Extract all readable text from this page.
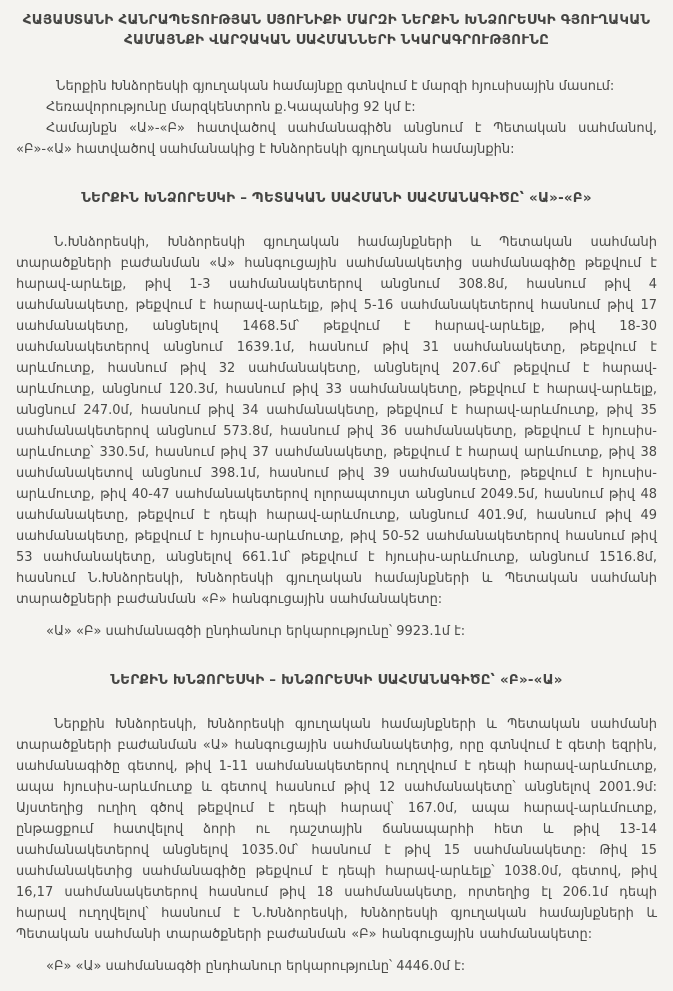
ՀԱՅԱՍՏԱՆԻ ՀԱՆՐԱՊԵՏՈՒԹՅԱՆ ՍՅՈՒՆԻՔԻ ՄԱՐԶԻ ՆԵՐՔԻՆ ԽՆՁՈՐԵՍԿԻ ԳՅՈՒՂԱԿԱՆ
ՀԱՄԱՅՆՔԻ ՎԱՐՉԱԿԱՆ ՍԱՀՄԱՆՆԵՐԻ ՆԿԱՐԱԳՐՈՒԹՅՈՒՆԸ

Ներքին Խնձորեսկի գյուղական համայնքը գտնվում է մարզի հյուսիսային մասում:

Հեռավորությունը մարզկենտրոն ք.Կապանից 92 կմ է:

Համայնքն «Ա»-«Բ» հատվածով սահմանագիծն անցնում է Պետական սահմանով, «Բ»-«Ա» հատվածով սահմանակից է Խնձորեսկի գյուղական համայնքին:

ՆԵՐՔԻՆ ԽՆՁՈՐԵՍԿԻ – ՊԵՏԱԿԱՆ ՍԱՀՄԱՆԻ ՍԱՀՄԱՆԱԳԻԾԸ՝ «Ա»-«Բ»

Ն.Խնձորեսկի, Խնձորեսկի գյուղական համայնքների և Պետական սահմանի տարածքների բաժանման «Ա» հանգուցային սահմանակետից սահմանագիծը թեքվում է հարավ-արևելք, թիվ 1-3 սահմանակետերով անցնում 308.8մ, հասնում թիվ 4 սահմանակետը, թեքվում է հարավ-արևելք, թիվ 5-16 սահմանակետերով հասնում թիվ 17 սահմանակետը, անցնելով 1468.5մ՝ թեքվում է հարավ-արևելք, թիվ 18-30 սահմանակետերով անցնում 1639.1մ, հասնում թիվ 31 սահմանակետը, թեքվում է արևմուտք, հասնում թիվ 32 սահմանակետը, անցնելով 207.6մ՝ թեքվում է հարավ-արևմուտք, անցնում 120.3մ, հասնում թիվ 33 սահմանակետը, թեքվում է հարավ-արևելք, անցնում 247.0մ, հասնում թիվ 34 սահմանակետը, թեքվում է հարավ-արևմուտք, թիվ 35 սահմանակետերով անցնում 573.8մ, հասնում թիվ 36 սահմանակետը, թեքվում է հյուսիս-արևմուտք՝ 330.5մ, հասնում թիվ 37 սահմանակետը, թեքվում է հարավ արևմուտք, թիվ 38 սահմանակետով անցնում 398.1մ, հասնում թիվ 39 սահմանակետը, թեքվում է հյուսիս-արևմուտք, թիվ 40-47 սահմանակետերով ոլորապտույտ անցնում 2049.5մ, հասնում թիվ 48 սահմանակետը, թեքվում է դեպի հարավ-արևմուտք, անցնում 401.9մ, հասնում թիվ 49 սահմանակետը, թեքվում է հյուսիս-արևմուտք, թիվ 50-52 սահմանակետերով հասնում թիվ 53 սահմանակետը, անցնելով 661.1մ՝ թեքվում է հյուսիս-արևմուտք, անցնում 1516.8մ, հասնում Ն.Խնձորեսկի, Խնձորեսկի գյուղական համայնքների և Պետական սահմանի տարածքների բաժանման «Բ» հանգուցային սահմանակետը:

«Ա» «Բ» սահմանագծի ընդհանուր երկարությունը՝ 9923.1մ է:

ՆԵՐՔԻՆ ԽՆՁՈՐԵՍԿԻ – ԽՆՁՈՐԵՍԿԻ ՍԱՀՄԱՆԱԳԻԾԸ՝ «Բ»-«Ա»

Ներքին Խնձորեսկի, Խնձորեսկի գյուղական համայնքների և Պետական սահմանի տարածքների բաժանման «Ա» հանգուցային սահմանակետից, որը գտնվում է գետի եզրին, սահմանագիծը գետով, թիվ 1-11 սահմանակետերով ուղղվում է դեպի հարավ-արևմուտք, ապա հյուսիս-արևմուտք և գետով հասնում թիվ 12 սահմանակետը՝ անցնելով 2001.9մ: Այստեղից ուղիղ գծով թեքվում է դեպի հարավ՝ 167.0մ, ապա հարավ-արևմուտք, ընթացքում հատվելով ձորի ու դաշտային ճանապարհի հետ և թիվ 13-14 սահմանակետերով անցնելով 1035.0մ՝ հասնում է թիվ 15 սահմանակետը: Թիվ 15 սահմանակետից սահմանագիծը թեքվում է դեպի հարավ-արևելք՝ 1038.0մ, գետով, թիվ 16,17 սահմանակետերով հասնում թիվ 18 սահմանակետը, որտեղից էլ 206.1մ դեպի հարավ ուղղվելով՝ հասնում է Ն.Խնձորեսկի, Խնձորեսկի գյուղական համայնքների և Պետական սահմանի տարածքների բաժանման «Բ» հանգուցային սահմանակետը:

«Բ» «Ա» սահմանագծի ընդհանուր երկարությունը՝ 4446.0մ է:
